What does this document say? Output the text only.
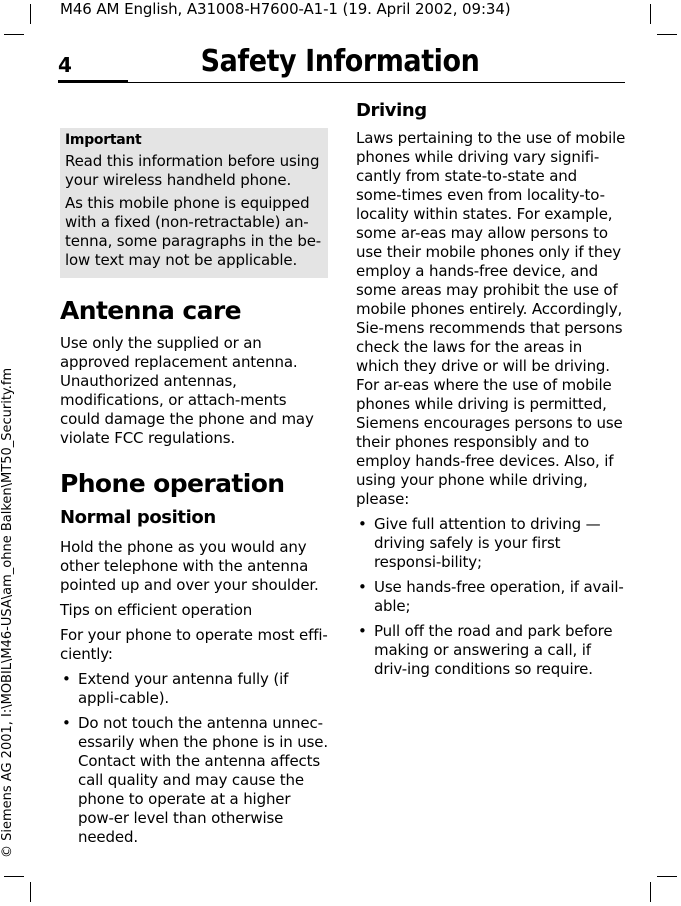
M46 AM English, A31008-H7600-A1-1 (19. April 2002, 09:34)
4	Safety Information
© Siemens AG 2001, I:\MOBIL\M46-USA\am_ohne Balken\MT50_Security.fm
Important

Read this information before using your wireless handheld phone.

As this mobile phone is equipped with a fixed (non-retractable) an-tenna, some paragraphs in the be-low text may not be applicable.

Antenna care

Use only the supplied or an approved replacement antenna. Unauthorized antennas, modifications, or attach-ments could damage the phone and may violate FCC regulations.

Phone operation
Normal position

Hold the phone as you would any other telephone with the antenna pointed up and over your shoulder.

Tips on efficient operation

For your phone to operate most effi-ciently:

• Extend your antenna fully (if appli-cable).
• Do not touch the antenna unnec-essarily when the phone is in use. Contact with the antenna affects call quality and may cause the phone to operate at a higher pow-er level than otherwise needed.
Driving

Laws pertaining to the use of mobile phones while driving vary signifi-cantly from state-to-state and some-times even from locality-to-locality within states. For example, some ar-eas may allow persons to use their mobile phones only if they employ a hands-free device, and some areas may prohibit the use of mobile phones entirely. Accordingly, Sie-mens recommends that persons check the laws for the areas in which they drive or will be driving. For ar-eas where the use of mobile phones while driving is permitted, Siemens encourages persons to use their phones responsibly and to employ hands-free devices. Also, if using your phone while driving, please:

• Give full attention to driving — driving safely is your first responsi-bility;
• Use hands-free operation, if avail-able;
• Pull off the road and park before making or answering a call, if driv-ing conditions so require.
